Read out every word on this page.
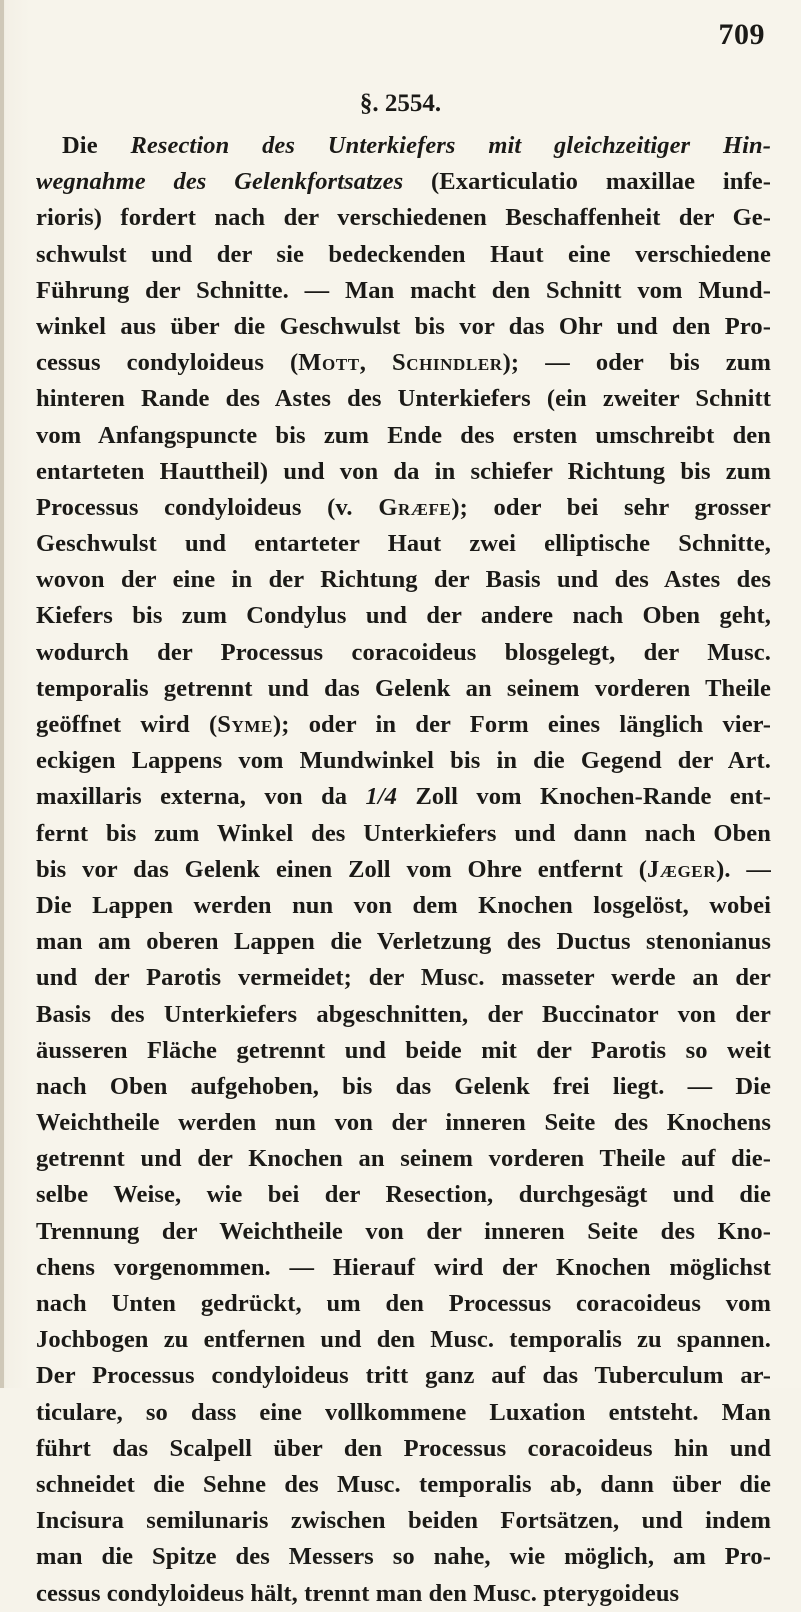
709
§. 2554.
Die Resection des Unterkiefers mit gleichzeitiger Hin-
wegnahme des Gelenkfortsatzes (Exarticulatio maxillae infe-
rioris) fordert nach der verschiedenen Beschaffenheit der Ge-
schwulst und der sie bedeckenden Haut eine verschiedene
Führung der Schnitte. — Man macht den Schnitt vom Mund-
winkel aus über die Geschwulst bis vor das Ohr und den Pro-
cessus condyloideus (Mott, Schindler); — oder bis zum
hinteren Rande des Astes des Unterkiefers (ein zweiter Schnitt
vom Anfangspuncte bis zum Ende des ersten umschreibt den
entarteten Hauttheil) und von da in schiefer Richtung bis zum
Processus condyloideus (v. Græfe); oder bei sehr grosser
Geschwulst und entarteter Haut zwei elliptische Schnitte,
wovon der eine in der Richtung der Basis und des Astes des
Kiefers bis zum Condylus und der andere nach Oben geht,
wodurch der Processus coracoideus blosgelegt, der Musc.
temporalis getrennt und das Gelenk an seinem vorderen Theile
geöffnet wird (Syme); oder in der Form eines länglich vier-
eckigen Lappens vom Mundwinkel bis in die Gegend der Art.
maxillaris externa, von da 1/4 Zoll vom Knochen-Rande ent-
fernt bis zum Winkel des Unterkiefers und dann nach Oben
bis vor das Gelenk einen Zoll vom Ohre entfernt (Jæger). —
Die Lappen werden nun von dem Knochen losgelöst, wobei
man am oberen Lappen die Verletzung des Ductus stenonianus
und der Parotis vermeidet; der Musc. masseter werde an der
Basis des Unterkiefers abgeschnitten, der Buccinator von der
äusseren Fläche getrennt und beide mit der Parotis so weit
nach Oben aufgehoben, bis das Gelenk frei liegt. — Die
Weichtheile werden nun von der inneren Seite des Knochens
getrennt und der Knochen an seinem vorderen Theile auf die-
selbe Weise, wie bei der Resection, durchgesägt und die
Trennung der Weichtheile von der inneren Seite des Kno-
chens vorgenommen. — Hierauf wird der Knochen möglichst
nach Unten gedrückt, um den Processus coracoideus vom
Jochbogen zu entfernen und den Musc. temporalis zu spannen.
Der Processus condyloideus tritt ganz auf das Tuberculum ar-
ticulare, so dass eine vollkommene Luxation entsteht. Man
führt das Scalpell über den Processus coracoideus hin und
schneidet die Sehne des Musc. temporalis ab, dann über die
Incisura semilunaris zwischen beiden Fortsätzen, und indem
man die Spitze des Messers so nahe, wie möglich, am Pro-
cessus condyloideus hält, trennt man den Musc. pterygoideus
